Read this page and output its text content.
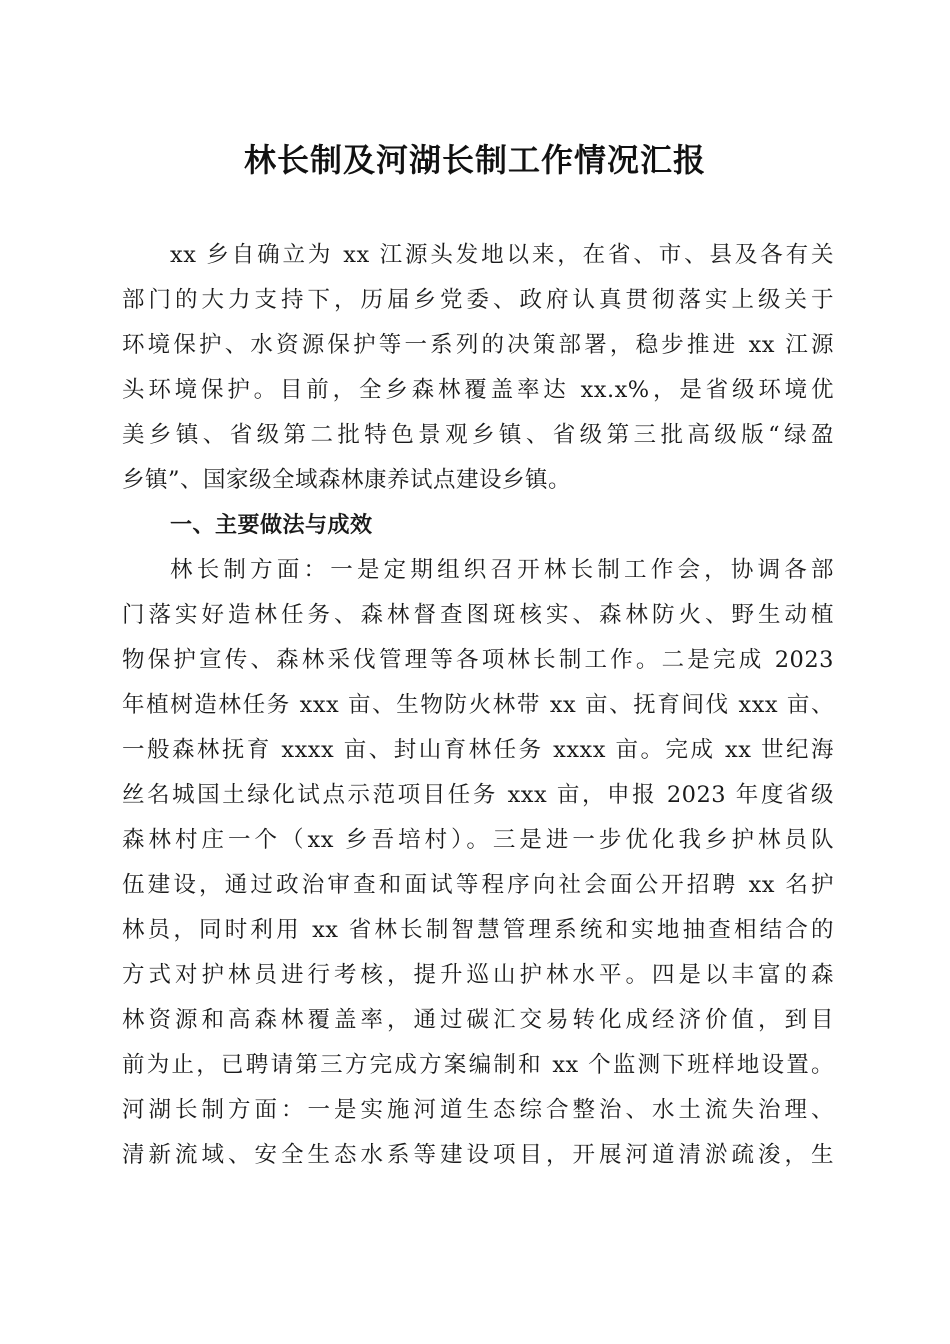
林长制及河湖长制工作情况汇报
xx 乡自确立为 xx 江源头发地以来，在省、市、县及各有关
部门的大力支持下，历届乡党委、政府认真贯彻落实上级关于
环境保护、水资源保护等一系列的决策部署，稳步推进 xx 江源
头环境保护。目前，全乡森林覆盖率达 xx.x%，是省级环境优
美乡镇、省级第二批特色景观乡镇、省级第三批高级版“绿盈
乡镇”、国家级全域森林康养试点建设乡镇。
一、主要做法与成效
林长制方面：一是定期组织召开林长制工作会，协调各部
门落实好造林任务、森林督查图斑核实、森林防火、野生动植
物保护宣传、森林采伐管理等各项林长制工作。二是完成 2023
年植树造林任务 xxx 亩、生物防火林带 xx 亩、抚育间伐 xxx 亩、
一般森林抚育 xxxx 亩、封山育林任务 xxxx 亩。完成 xx 世纪海
丝名城国土绿化试点示范项目任务 xxx 亩，申报 2023 年度省级
森林村庄一个（xx 乡吾培村）。三是进一步优化我乡护林员队
伍建设，通过政治审查和面试等程序向社会面公开招聘 xx 名护
林员，同时利用 xx 省林长制智慧管理系统和实地抽查相结合的
方式对护林员进行考核，提升巡山护林水平。四是以丰富的森
林资源和高森林覆盖率，通过碳汇交易转化成经济价值，到目
前为止，已聘请第三方完成方案编制和 xx 个监测下班样地设置。
河湖长制方面：一是实施河道生态综合整治、水土流失治理、
清新流域、安全生态水系等建设项目，开展河道清淤疏浚，生
